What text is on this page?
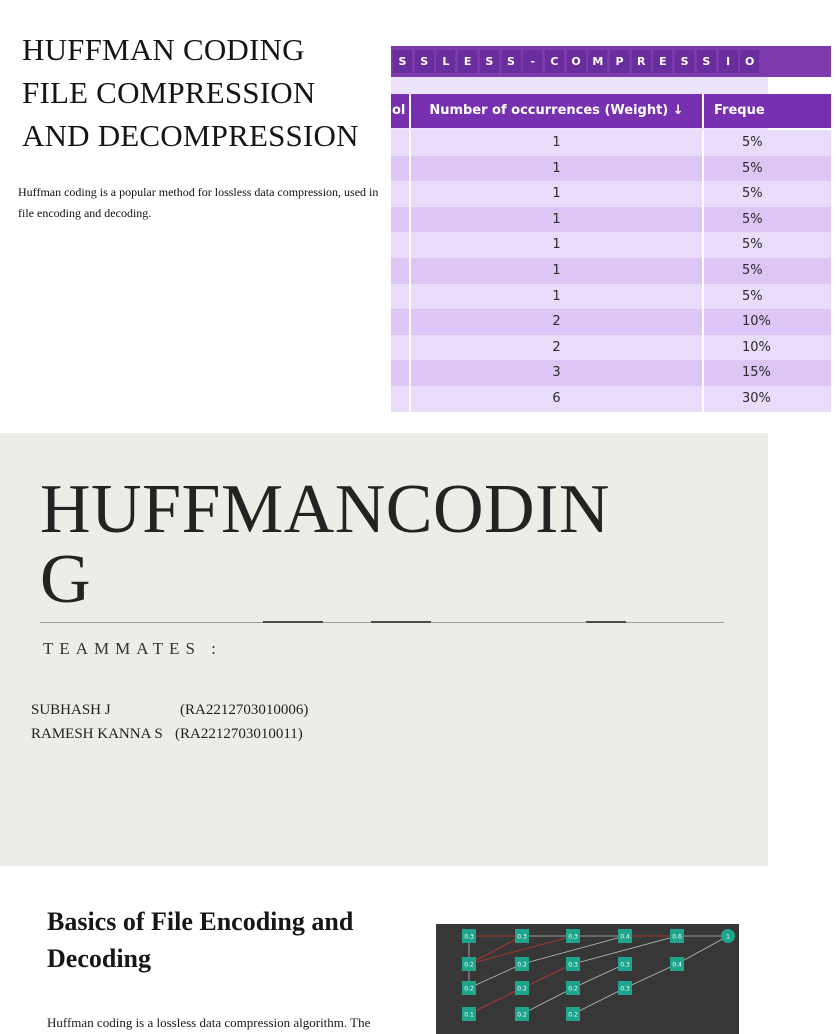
HUFFMAN CODING
FILE COMPRESSION
AND DECOMPRESSION

Huffman coding is a popular method for lossless data compression, used in
file encoding and decoding.

S	S	L	E	S	S	-	C	O	M	P	R	E	S	S	I	O
ol	Number of occurrences (Weight) ↓	Freque
1	5%
1	5%
1	5%
1	5%
1	5%
1	5%
1	5%
2	10%
2	10%
3	15%
6	30%
HUFFMANCODIN
G
TEAMMATES :
SUBHASH J	(RA2212703010006)
RAMESH KANNA S (RA2212703010011)
Basics of File Encoding and
Decoding

Huffman coding is a lossless data compression algorithm. The

0.3	0.3	0.3	0.4	0.6	1
0.2	0.2	0.3	0.3	0.4
0.2	0.2	0.2	0.3
0.1	0.2	0.2
